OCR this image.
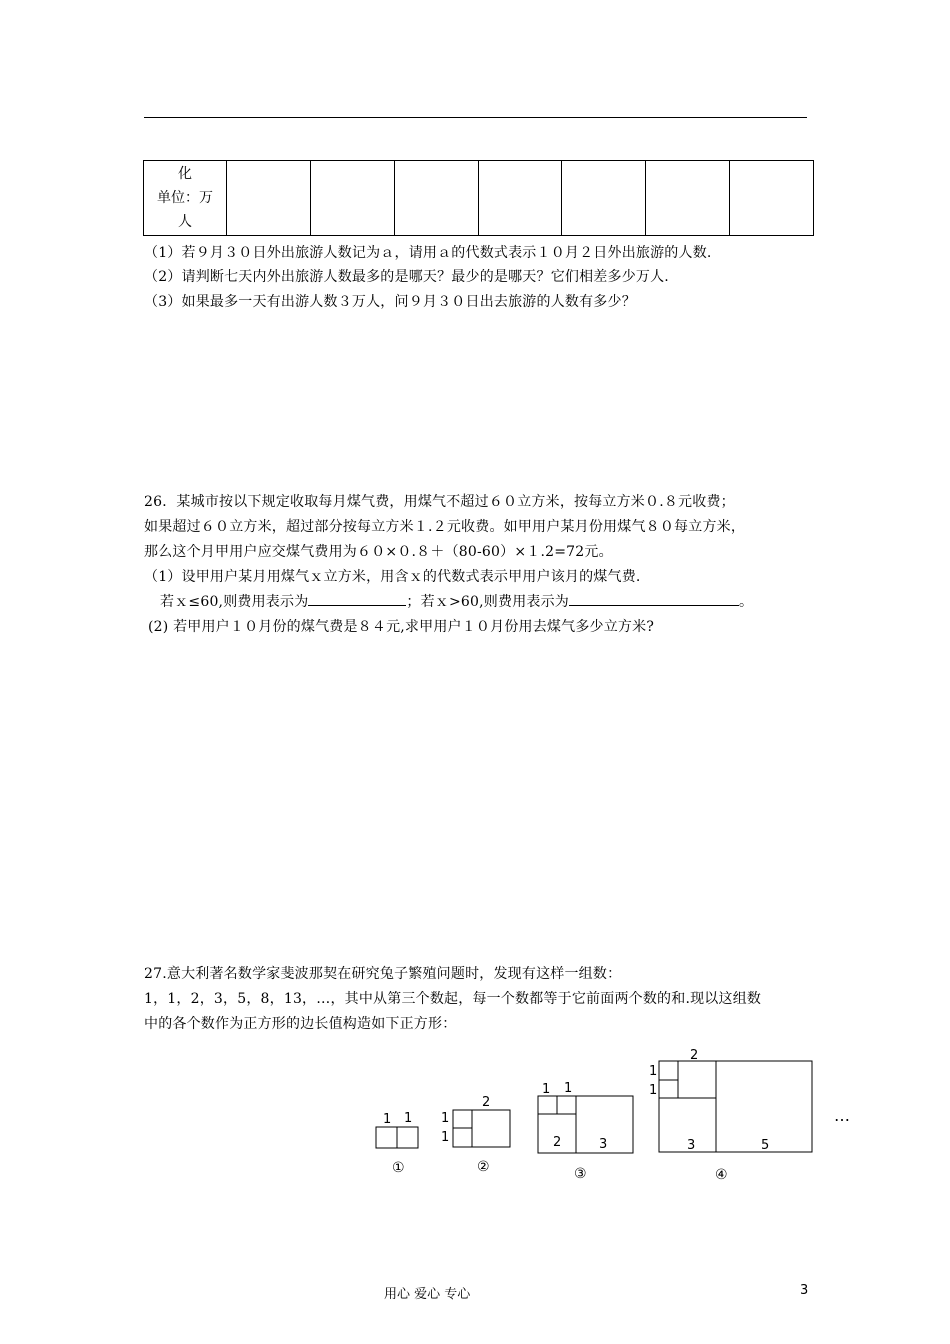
化
单位：万
人

（1）若９月３０日外出旅游人数记为ａ，请用ａ的代数式表示１０月２日外出旅游的人数.
（2）请判断七天内外出旅游人数最多的是哪天？最少的是哪天？它们相差多少万人.
（3）如果最多一天有出游人数３万人，问９月３０日出去旅游的人数有多少？
26．某城市按以下规定收取每月煤气费，用煤气不超过６０立方米，按每立方米０.８元收费；
如果超过６０立方米，超过部分按每立方米１.２元收费。如甲用户某月份用煤气８０每立方米，
那么这个月甲用户应交煤气费用为６０×０.８＋（80-60）×１.2=72元。
（1）设甲用户某月用煤气ｘ立方米，用含ｘ的代数式表示甲用户该月的煤气费.
若ｘ≤60,则费用表示为	；若ｘ>60,则费用表示为	。
(2) 若甲用户１０月份的煤气费是８４元,求甲用户１０月份用去煤气多少立方米?
27.意大利著名数学家斐波那契在研究兔子繁殖问题时，发现有这样一组数：
1，1，2，3，5，8，13，…，其中从第三个数起，每一个数都等于它前面两个数的和.现以这组数
中的各个数作为正方形的边长值构造如下正方形：
1 1
①
2
1
1
②
1 1
2	3
③
2
1
1
3	5
④
…
用心 爱心 专心	3
